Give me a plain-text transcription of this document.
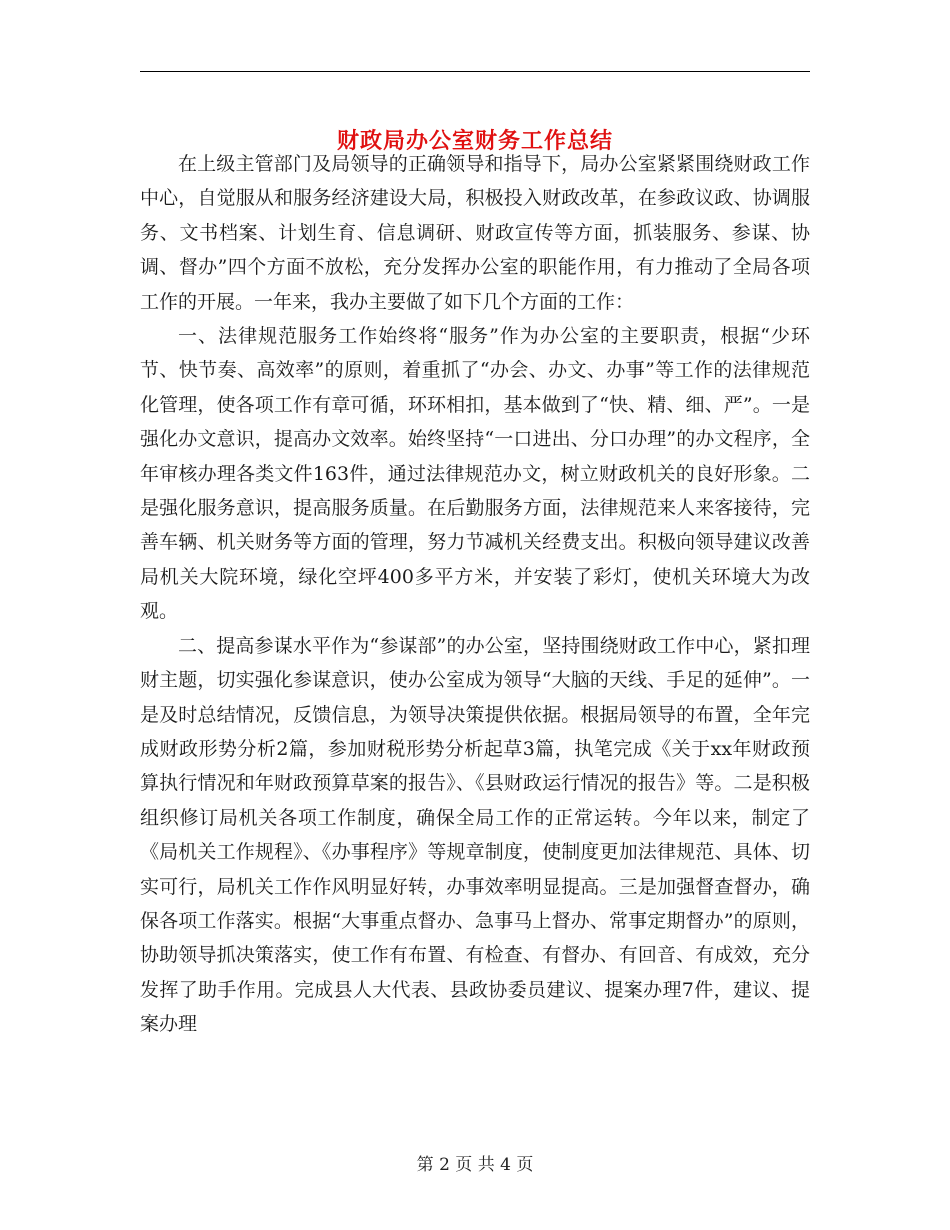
财政局办公室财务工作总结

在上级主管部门及局领导的正确领导和指导下，局办公室紧紧围绕财政工作中心，自觉服从和服务经济建设大局，积极投入财政改革，在参政议政、协调服务、文书档案、计划生育、信息调研、财政宣传等方面，抓装服务、参谋、协调、督办”四个方面不放松，充分发挥办公室的职能作用，有力推动了全局各项工作的开展。一年来，我办主要做了如下几个方面的工作：

一、法律规范服务工作始终将“服务”作为办公室的主要职责，根据“少环节、快节奏、高效率”的原则，着重抓了“办会、办文、办事”等工作的法律规范化管理，使各项工作有章可循，环环相扣，基本做到了“快、精、细、严”。一是强化办文意识，提高办文效率。始终坚持“一口进出、分口办理”的办文程序，全年审核办理各类文件163件，通过法律规范办文，树立财政机关的良好形象。二是强化服务意识，提高服务质量。在后勤服务方面，法律规范来人来客接待，完善车辆、机关财务等方面的管理，努力节减机关经费支出。积极向领导建议改善局机关大院环境，绿化空坪400多平方米，并安装了彩灯，使机关环境大为改观。

二、提高参谋水平作为“参谋部”的办公室，坚持围绕财政工作中心，紧扣理财主题，切实强化参谋意识，使办公室成为领导“大脑的天线、手足的延伸”。一是及时总结情况，反馈信息，为领导决策提供依据。根据局领导的布置，全年完成财政形势分析2篇，参加财税形势分析起草3篇，执笔完成《关于xx年财政预算执行情况和年财政预算草案的报告》、《县财政运行情况的报告》等。二是积极组织修订局机关各项工作制度，确保全局工作的正常运转。今年以来，制定了《局机关工作规程》、《办事程序》等规章制度，使制度更加法律规范、具体、切实可行，局机关工作作风明显好转，办事效率明显提高。三是加强督查督办，确保各项工作落实。根据“大事重点督办、急事马上督办、常事定期督办”的原则，协助领导抓决策落实，使工作有布置、有检查、有督办、有回音、有成效，充分发挥了助手作用。完成县人大代表、县政协委员建议、提案办理7件，建议、提案办理

第 2 页 共 4 页
